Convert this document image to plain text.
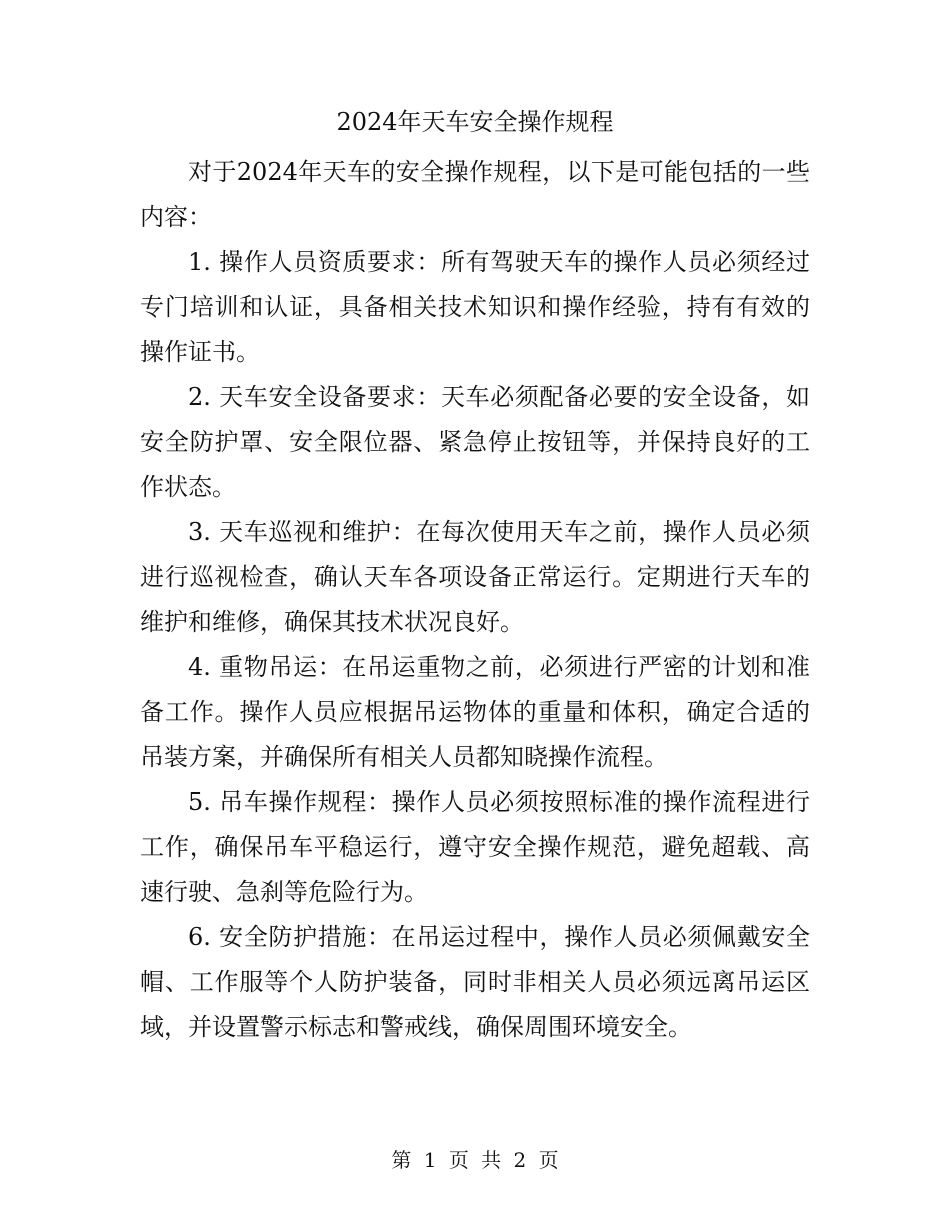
2024年天车安全操作规程

对于2024年天车的安全操作规程，以下是可能包括的一些内容：

1. 操作人员资质要求：所有驾驶天车的操作人员必须经过专门培训和认证，具备相关技术知识和操作经验，持有有效的操作证书。

2. 天车安全设备要求：天车必须配备必要的安全设备，如安全防护罩、安全限位器、紧急停止按钮等，并保持良好的工作状态。

3. 天车巡视和维护：在每次使用天车之前，操作人员必须进行巡视检查，确认天车各项设备正常运行。定期进行天车的维护和维修，确保其技术状况良好。

4. 重物吊运：在吊运重物之前，必须进行严密的计划和准备工作。操作人员应根据吊运物体的重量和体积，确定合适的吊装方案，并确保所有相关人员都知晓操作流程。

5. 吊车操作规程：操作人员必须按照标准的操作流程进行工作，确保吊车平稳运行，遵守安全操作规范，避免超载、高速行驶、急刹等危险行为。

6. 安全防护措施：在吊运过程中，操作人员必须佩戴安全帽、工作服等个人防护装备，同时非相关人员必须远离吊运区域，并设置警示标志和警戒线，确保周围环境安全。

第 1 页 共 2 页
